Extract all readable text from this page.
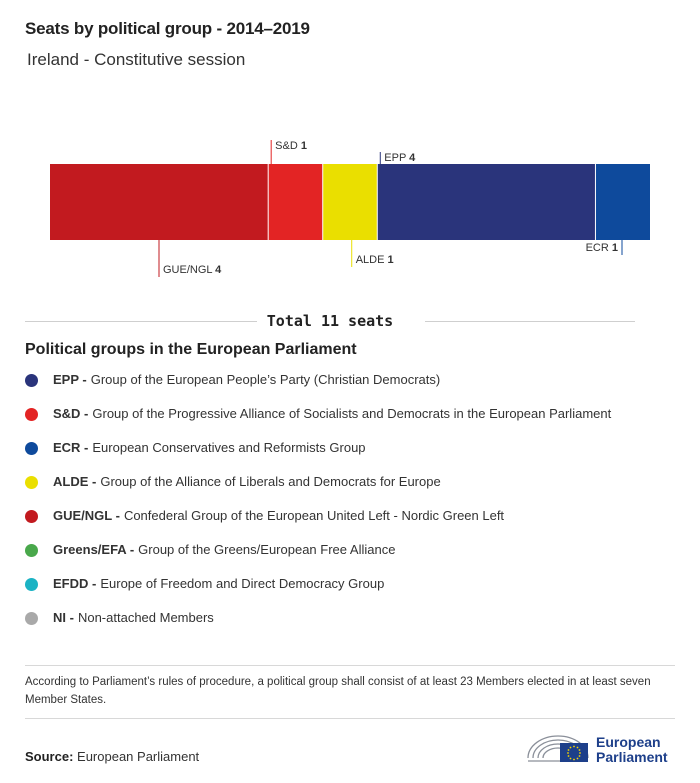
Seats by political group - 2014–2019
Ireland - Constitutive session
GUE/NGL 4
S&D 1
ALDE 1
EPP 4
ECR 1
Total 11 seats
Political groups in the European Parliament
EPP - Group of the European People’s Party (Christian Democrats)
S&D - Group of the Progressive Alliance of Socialists and Democrats in the European Parliament
ECR - European Conservatives and Reformists Group
ALDE - Group of the Alliance of Liberals and Democrats for Europe
GUE/NGL - Confederal Group of the European United Left - Nordic Green Left
Greens/EFA - Group of the Greens/European Free Alliance
EFDD - Europe of Freedom and Direct Democracy Group
NI - Non-attached Members
According to Parliament’s rules of procedure, a political group shall consist of at least 23 Members elected in at least seven Member States.
Source: European Parliament
European
Parliament
